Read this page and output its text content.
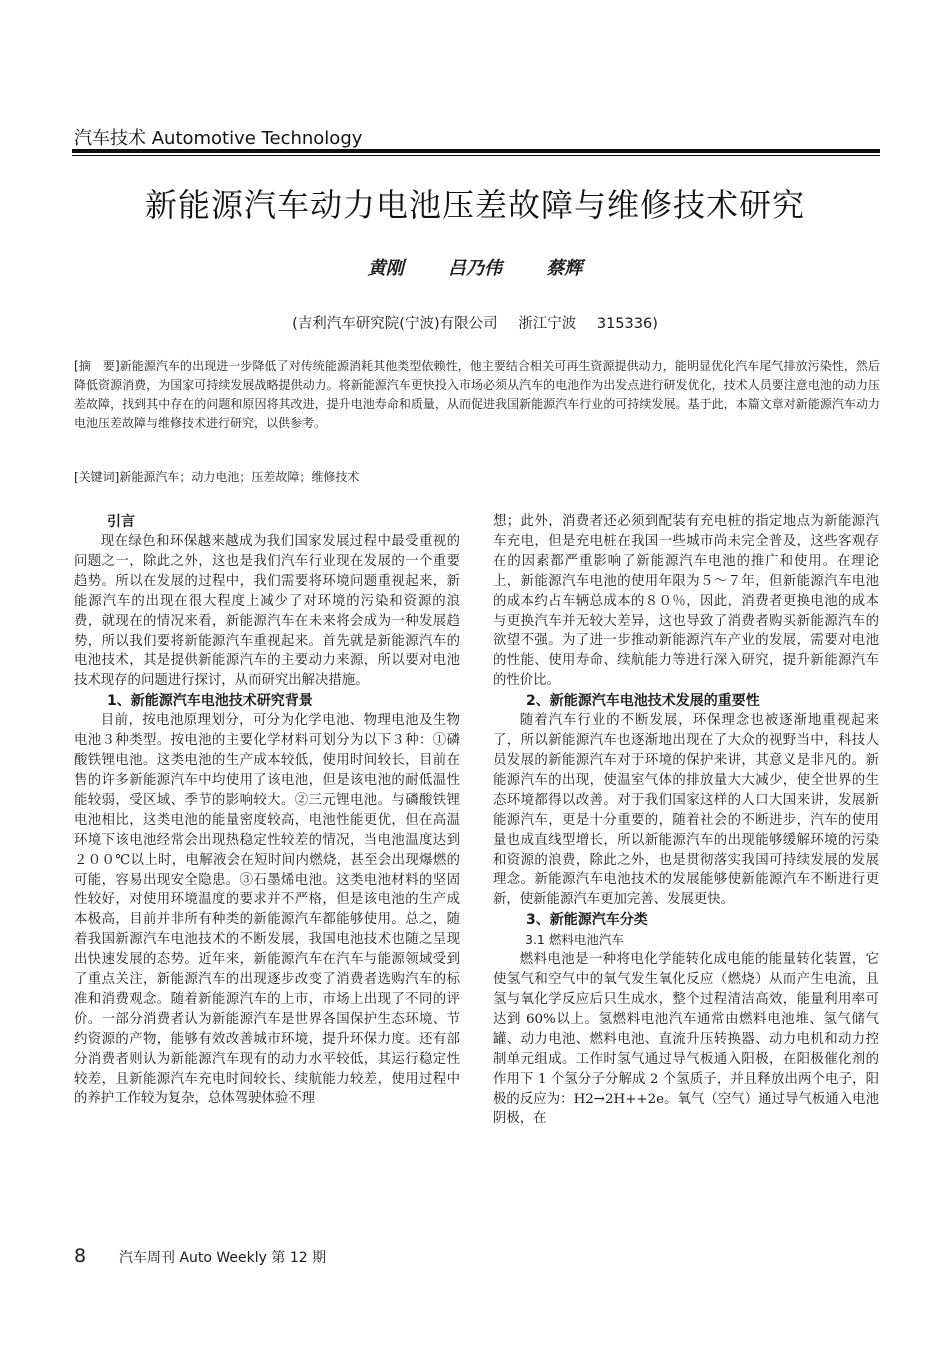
汽车技术 Automotive Technology
新能源汽车动力电池压差故障与维修技术研究
黄刚 吕乃伟 蔡辉
(吉利汽车研究院(宁波)有限公司 浙江宁波 315336)
[摘　要]新能源汽车的出现进一步降低了对传统能源消耗其他类型依赖性，他主要结合相关可再生资源提供动力，能明显优化汽车尾气排放污染性，然后降低资源消费，为国家可持续发展战略提供动力。将新能源汽车更快投入市场必须从汽车的电池作为出发点进行研发优化，技术人员要注意电池的动力压差故障，找到其中存在的问题和原因将其改进，提升电池寿命和质量，从而促进我国新能源汽车行业的可持续发展。基于此，本篇文章对新能源汽车动力电池压差故障与维修技术进行研究，以供参考。
[关键词]新能源汽车；动力电池；压差故障；维修技术
引言

现在绿色和环保越来越成为我们国家发展过程中最受重视的问题之一，除此之外，这也是我们汽车行业现在发展的一个重要趋势。所以在发展的过程中，我们需要将环境问题重视起来，新能源汽车的出现在很大程度上减少了对环境的污染和资源的浪费，就现在的情况来看，新能源汽车在未来将会成为一种发展趋势，所以我们要将新能源汽车重视起来。首先就是新能源汽车的电池技术，其是提供新能源汽车的主要动力来源，所以要对电池技术现存的问题进行探讨，从而研究出解决措施。

1、新能源汽车电池技术研究背景

目前，按电池原理划分，可分为化学电池、物理电池及生物电池３种类型。按电池的主要化学材料可划分为以下３种：①磷酸铁锂电池。这类电池的生产成本较低，使用时间较长，目前在售的许多新能源汽车中均使用了该电池，但是该电池的耐低温性能较弱，受区域、季节的影响较大。②三元锂电池。与磷酸铁锂电池相比，这类电池的能量密度较高，电池性能更优，但在高温环境下该电池经常会出现热稳定性较差的情况，当电池温度达到２００℃以上时，电解液会在短时间内燃烧，甚至会出现爆燃的可能，容易出现安全隐患。③石墨烯电池。这类电池材料的坚固性较好，对使用环境温度的要求并不严格，但是该电池的生产成本极高，目前并非所有种类的新能源汽车都能够使用。总之，随着我国新源汽车电池技术的不断发展，我国电池技术也随之呈现出快速发展的态势。近年来，新能源汽车在汽车与能源领域受到了重点关注，新能源汽车的出现逐步改变了消费者选购汽车的标准和消费观念。随着新能源汽车的上市，市场上出现了不同的评价。一部分消费者认为新能源汽车是世界各国保护生态环境、节约资源的产物，能够有效改善城市环境，提升环保力度。还有部分消费者则认为新能源汽车现有的动力水平较低，其运行稳定性较差，且新能源汽车充电时间较长、续航能力较差，使用过程中的养护工作较为复杂，总体驾驶体验不理

想；此外，消费者还必须到配装有充电桩的指定地点为新能源汽车充电，但是充电桩在我国一些城市尚未完全普及，这些客观存在的因素都严重影响了新能源汽车电池的推广和使用。在理论上，新能源汽车电池的使用年限为５～７年，但新能源汽车电池的成本约占车辆总成本的８０％，因此，消费者更换电池的成本与更换汽车并无较大差异，这也导致了消费者购买新能源汽车的欲望不强。为了进一步推动新能源汽车产业的发展，需要对电池的性能、使用寿命、续航能力等进行深入研究，提升新能源汽车的性价比。

2、新能源汽车电池技术发展的重要性

随着汽车行业的不断发展，环保理念也被逐渐地重视起来了，所以新能源汽车也逐渐地出现在了大众的视野当中，科技人员发展的新能源汽车对于环境的保护来讲，其意义是非凡的。新能源汽车的出现，使温室气体的排放量大大减少，使全世界的生态环境都得以改善。对于我们国家这样的人口大国来讲，发展新能源汽车，更是十分重要的，随着社会的不断进步，汽车的使用量也成直线型增长，所以新能源汽车的出现能够缓解环境的污染和资源的浪费，除此之外，也是贯彻落实我国可持续发展的发展理念。新能源汽车电池技术的发展能够使新能源汽车不断进行更新，使新能源汽车更加完善、发展更快。

3、新能源汽车分类
3.1 燃料电池汽车

燃料电池是一种将电化学能转化成电能的能量转化装置，它使氢气和空气中的氧气发生氧化反应（燃烧）从而产生电流，且氢与氧化学反应后只生成水，整个过程清洁高效，能量利用率可达到 60%以上。氢燃料电池汽车通常由燃料电池堆、氢气储气罐、动力电池、燃料电池、直流升压转换器、动力电机和动力控制单元组成。工作时氢气通过导气板通入阳极，在阳极催化剂的作用下 1 个氢分子分解成 2 个氢质子，并且释放出两个电子，阳极的反应为：H2→2H++2e。氧气（空气）通过导气板通入电池阴极，在

8 汽车周刊 Auto Weekly 第 12 期
